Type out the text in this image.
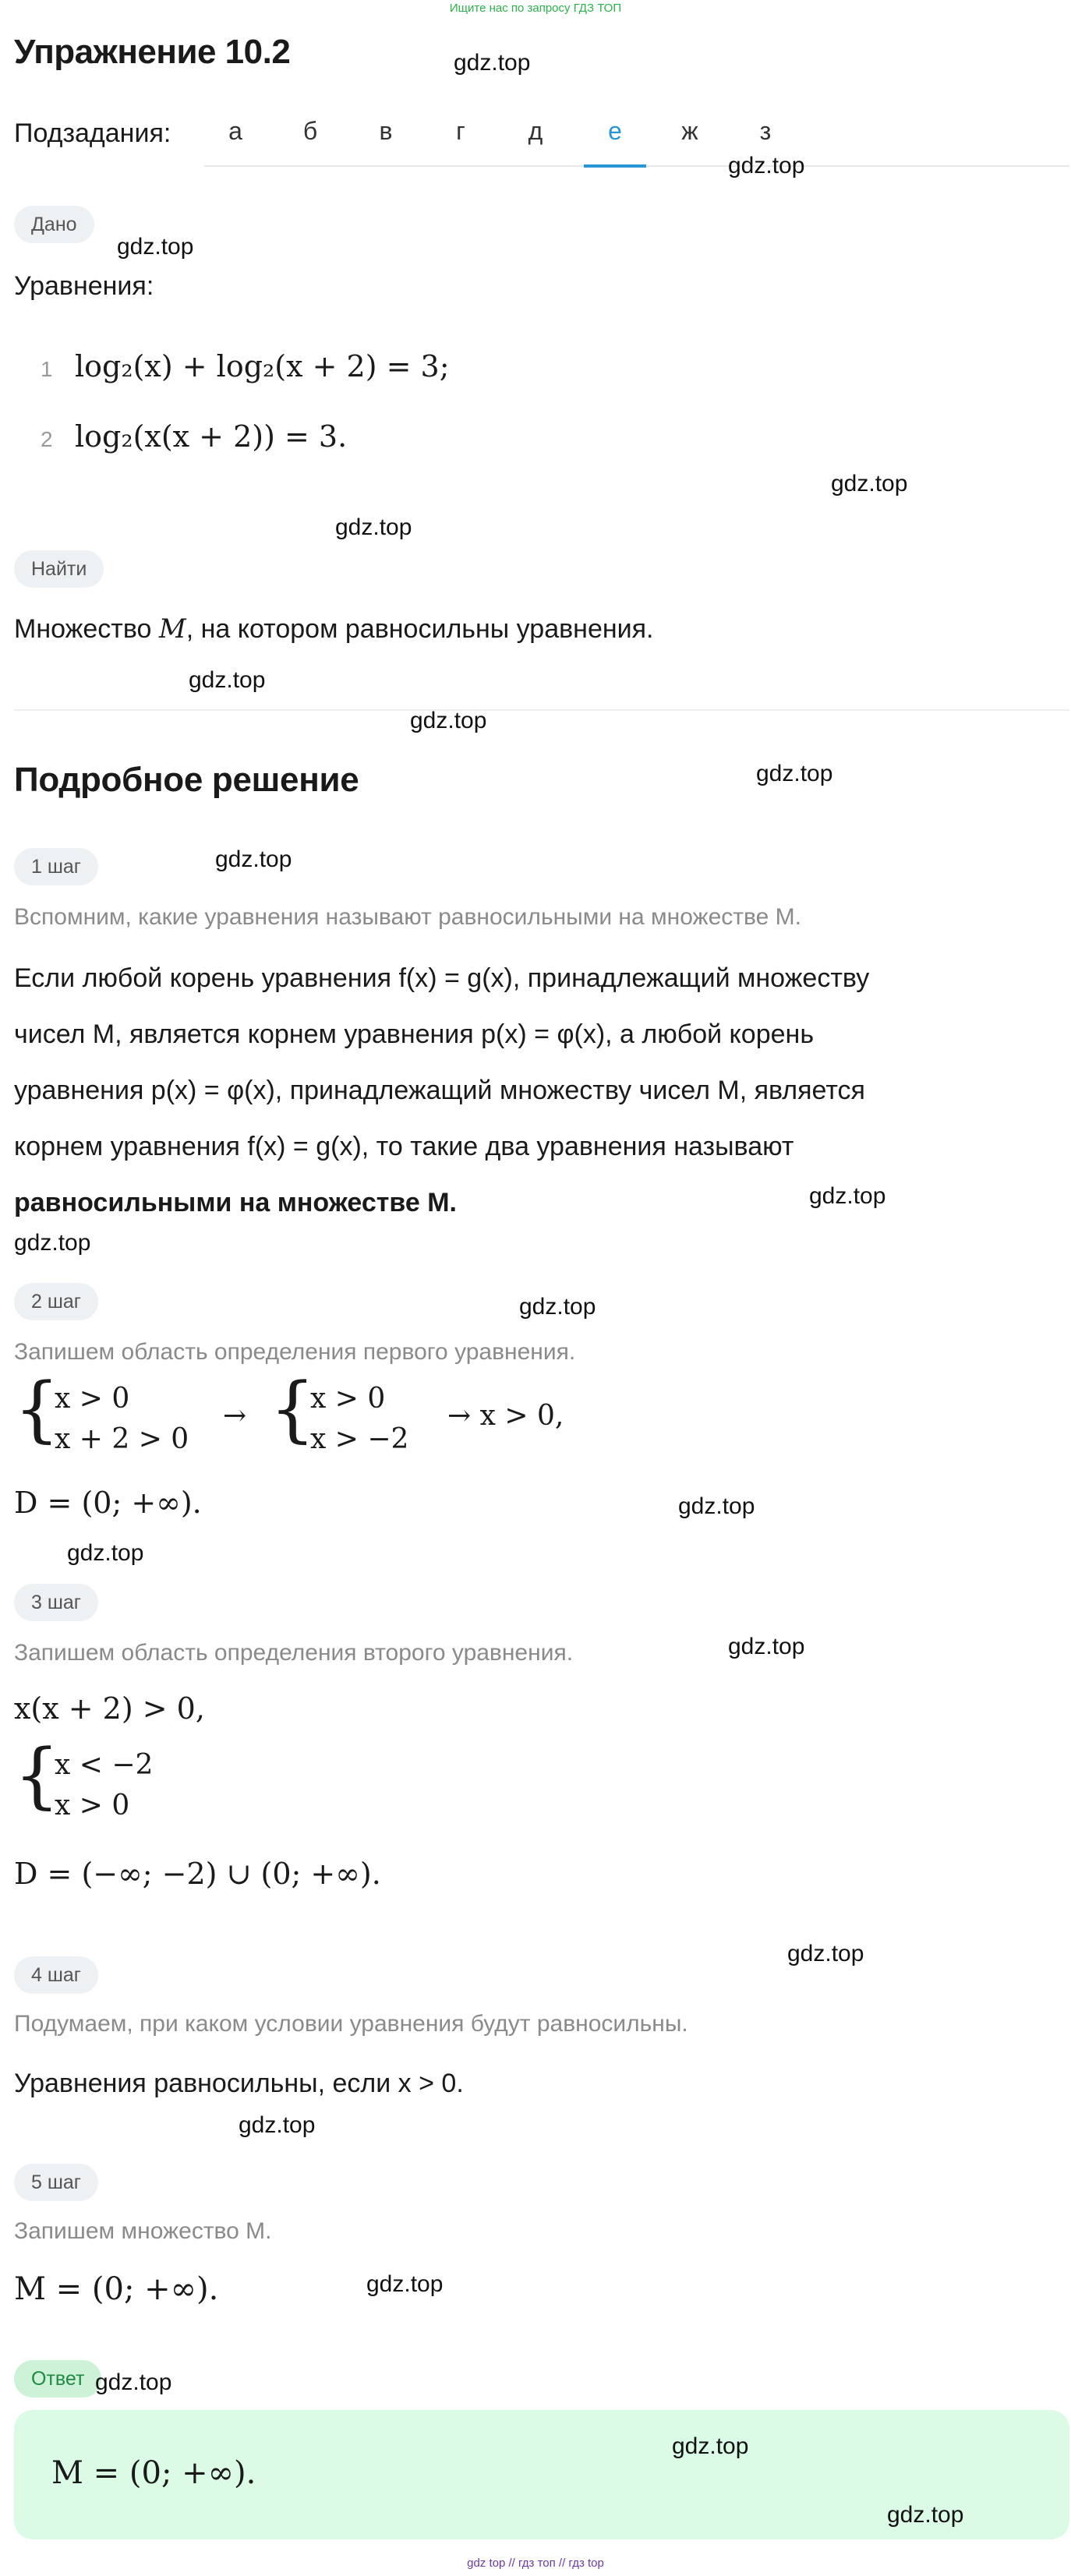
Ищите нас по запросу ГДЗ ТОП
Упражнение 10.2
Подзадания:	а	б	в	г	д	е	ж	з
Дано
Уравнения:
1 log₂(x) + log₂(x + 2) = 3;
2 log₂(x(x + 2)) = 3.
Найти
Множество M, на котором равносильны уравнения.
Подробное решение
1 шаг
Вспомним, какие уравнения называют равносильными на множестве M.
Если любой корень уравнения f(x) = g(x), принадлежащий множеству
чисел M, является корнем уравнения p(x) = φ(x), а любой корень
уравнения p(x) = φ(x), принадлежащий множеству чисел M, является
корнем уравнения f(x) = g(x), то такие два уравнения называют
равносильными на множестве M.
2 шаг
Запишем область определения первого уравнения.
{
x > 0
x + 2 > 0
→ {
x > 0
x > −2
→ x > 0,
D = (0; +∞).
3 шаг
Запишем область определения второго уравнения.
x(x + 2) > 0,
{
x < −2
x > 0
D = (−∞; −2) ∪ (0; +∞).
4 шаг
Подумаем, при каком условии уравнения будут равносильны.
Уравнения равносильны, если x > 0.
5 шаг
Запишем множество M.
M = (0; +∞).
Ответ
M = (0; +∞).
gdz.top
gdz.top
gdz.top
gdz.top
gdz.top
gdz.top
gdz.top
gdz.top
gdz.top
gdz.top
gdz.top
gdz.top
gdz.top
gdz.top
gdz.top
gdz.top
gdz.top
gdz.top
gdz.top
gdz.top
gdz.top
gdz top // гдз топ // гдз top
